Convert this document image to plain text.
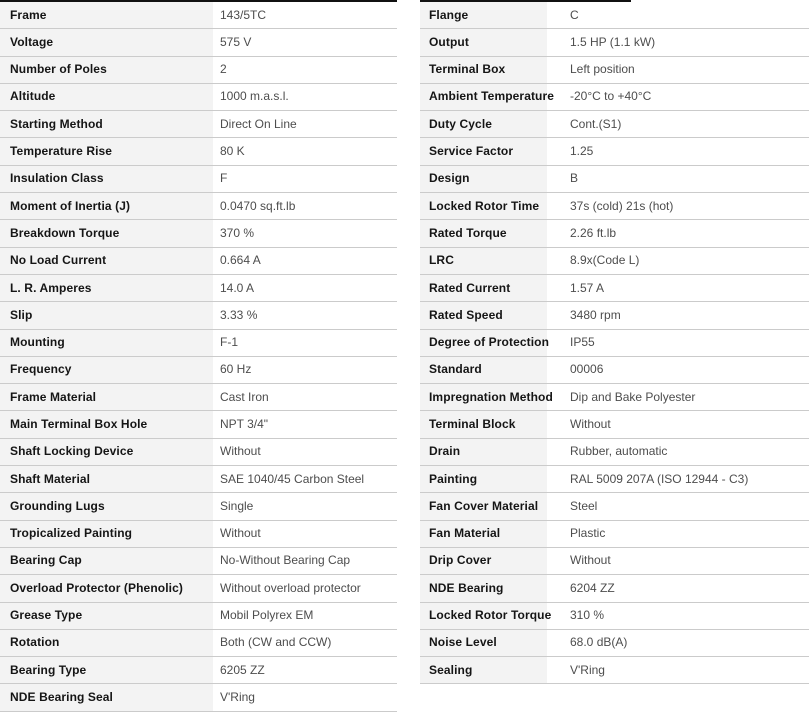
Frame	143/5TC
Voltage	575 V
Number of Poles	2
Altitude	1000 m.a.s.l.
Starting Method	Direct On Line
Temperature Rise	80 K
Insulation Class	F
Moment of Inertia (J)	0.0470 sq.ft.lb
Breakdown Torque	370 %
No Load Current	0.664 A
L. R. Amperes	14.0 A
Slip	3.33 %
Mounting	F-1
Frequency	60 Hz
Frame Material	Cast Iron
Main Terminal Box Hole	NPT 3/4"
Shaft Locking Device	Without
Shaft Material	SAE 1040/45 Carbon Steel
Grounding Lugs	Single
Tropicalized Painting	Without
Bearing Cap	No-Without Bearing Cap
Overload Protector (Phenolic)	Without overload protector
Grease Type	Mobil Polyrex EM
Rotation	Both (CW and CCW)
Bearing Type	6205 ZZ
NDE Bearing Seal	V'Ring
Flange	C
Output	1.5 HP (1.1 kW)
Terminal Box	Left position
Ambient Temperature	-20°C to +40°C
Duty Cycle	Cont.(S1)
Service Factor	1.25
Design	B
Locked Rotor Time	37s (cold) 21s (hot)
Rated Torque	2.26 ft.lb
LRC	8.9x(Code L)
Rated Current	1.57 A
Rated Speed	3480 rpm
Degree of Protection	IP55
Standard	00006
Impregnation Method	Dip and Bake Polyester
Terminal Block	Without
Drain	Rubber, automatic
Painting	RAL 5009 207A (ISO 12944 - C3)
Fan Cover Material	Steel
Fan Material	Plastic
Drip Cover	Without
NDE Bearing	6204 ZZ
Locked Rotor Torque	310 %
Noise Level	68.0 dB(A)
Sealing	V'Ring
